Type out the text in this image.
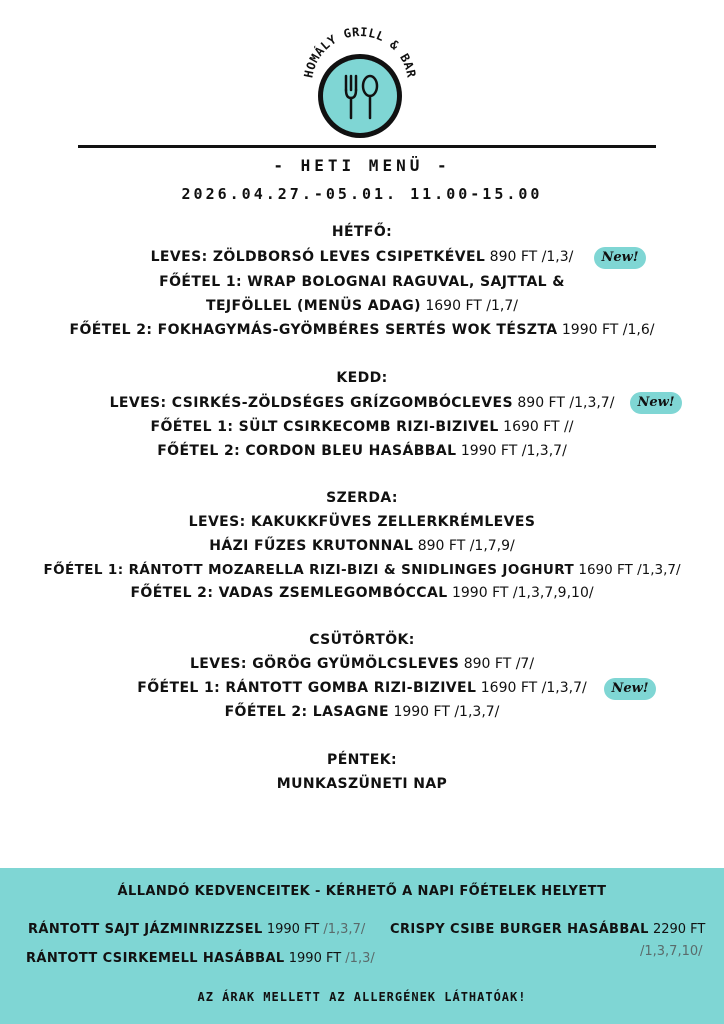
HOMÁLY GRILL & BAR
- HETI MENÜ -
2026.04.27.-05.01. 11.00-15.00
HÉTFŐ:
LEVES: ZÖLDBORSÓ LEVES CSIPETKÉVEL 890 FT /1,3/	New!
FŐÉTEL 1: WRAP BOLOGNAI RAGUVAL, SAJTTAL &
TEJFÖLLEL (MENÜS ADAG) 1690 FT /1,7/
FŐÉTEL 2: FOKHAGYMÁS-GYÖMBÉRES SERTÉS WOK TÉSZTA 1990 FT /1,6/
KEDD:
LEVES: CSIRKÉS-ZÖLDSÉGES GRÍZGOMBÓCLEVES 890 FT /1,3,7/	New!
FŐÉTEL 1: SÜLT CSIRKECOMB RIZI-BIZIVEL 1690 FT //
FŐÉTEL 2: CORDON BLEU HASÁBBAL 1990 FT /1,3,7/
SZERDA:
LEVES: KAKUKKFÜVES ZELLERKRÉMLEVES
HÁZI FŰZES KRUTONNAL 890 FT /1,7,9/
FŐÉTEL 1: RÁNTOTT MOZARELLA RIZI-BIZI & SNIDLINGES JOGHURT 1690 FT /1,3,7/
FŐÉTEL 2: VADAS ZSEMLEGOMBÓCCAL 1990 FT /1,3,7,9,10/
CSÜTÖRTÖK:
LEVES: GÖRÖG GYÜMÖLCSLEVES 890 FT /7/
FŐÉTEL 1: RÁNTOTT GOMBA RIZI-BIZIVEL 1690 FT /1,3,7/	New!
FŐÉTEL 2: LASAGNE 1990 FT /1,3,7/
PÉNTEK:
MUNKASZÜNETI NAP
ÁLLANDÓ KEDVENCEITEK - KÉRHETŐ A NAPI FŐÉTELEK HELYETT
RÁNTOTT SAJT JÁZMINRIZZSEL 1990 FT /1,3,7/
RÁNTOTT CSIRKEMELL HASÁBBAL 1990 FT /1,3/
CRISPY CSIBE BURGER HASÁBBAL 2290 FT
/1,3,7,10/
AZ ÁRAK MELLETT AZ ALLERGÉNEK LÁTHATÓAK!
